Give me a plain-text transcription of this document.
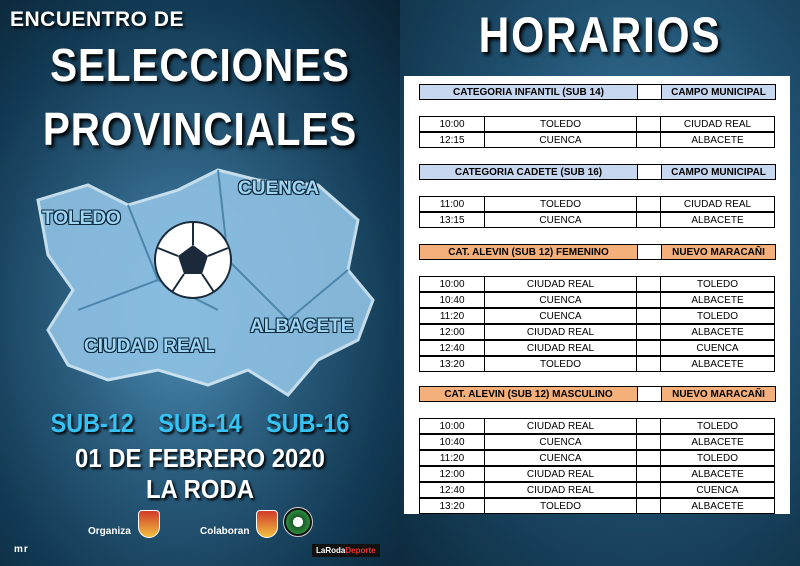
ENCUENTRO DE
SELECCIONES
PROVINCIALES
TOLEDO
CUENCA
CIUDAD REAL
ALBACETE
SUB-12 SUB-14 SUB-16
01 DE FEBRERO 2020
LA RODA
Organiza	Colaboran
mr	LaRodaDeporte
HORARIOS
CATEGORIA INFANTIL (SUB 14)	CAMPO MUNICIPAL
10:00	TOLEDO	CIUDAD REAL
12:15	CUENCA	ALBACETE
CATEGORIA CADETE (SUB 16)	CAMPO MUNICIPAL
11:00	TOLEDO	CIUDAD REAL
13:15	CUENCA	ALBACETE
CAT. ALEVIN (SUB 12) FEMENINO	NUEVO MARACAÑI
10:00	CIUDAD REAL	TOLEDO
10:40	CUENCA	ALBACETE
11:20	CUENCA	TOLEDO
12:00	CIUDAD REAL	ALBACETE
12:40	CIUDAD REAL	CUENCA
13:20	TOLEDO	ALBACETE
CAT. ALEVIN (SUB 12) MASCULINO	NUEVO MARACAÑI
10:00	CIUDAD REAL	TOLEDO
10:40	CUENCA	ALBACETE
11:20	CUENCA	TOLEDO
12:00	CIUDAD REAL	ALBACETE
12:40	CIUDAD REAL	CUENCA
13:20	TOLEDO	ALBACETE
